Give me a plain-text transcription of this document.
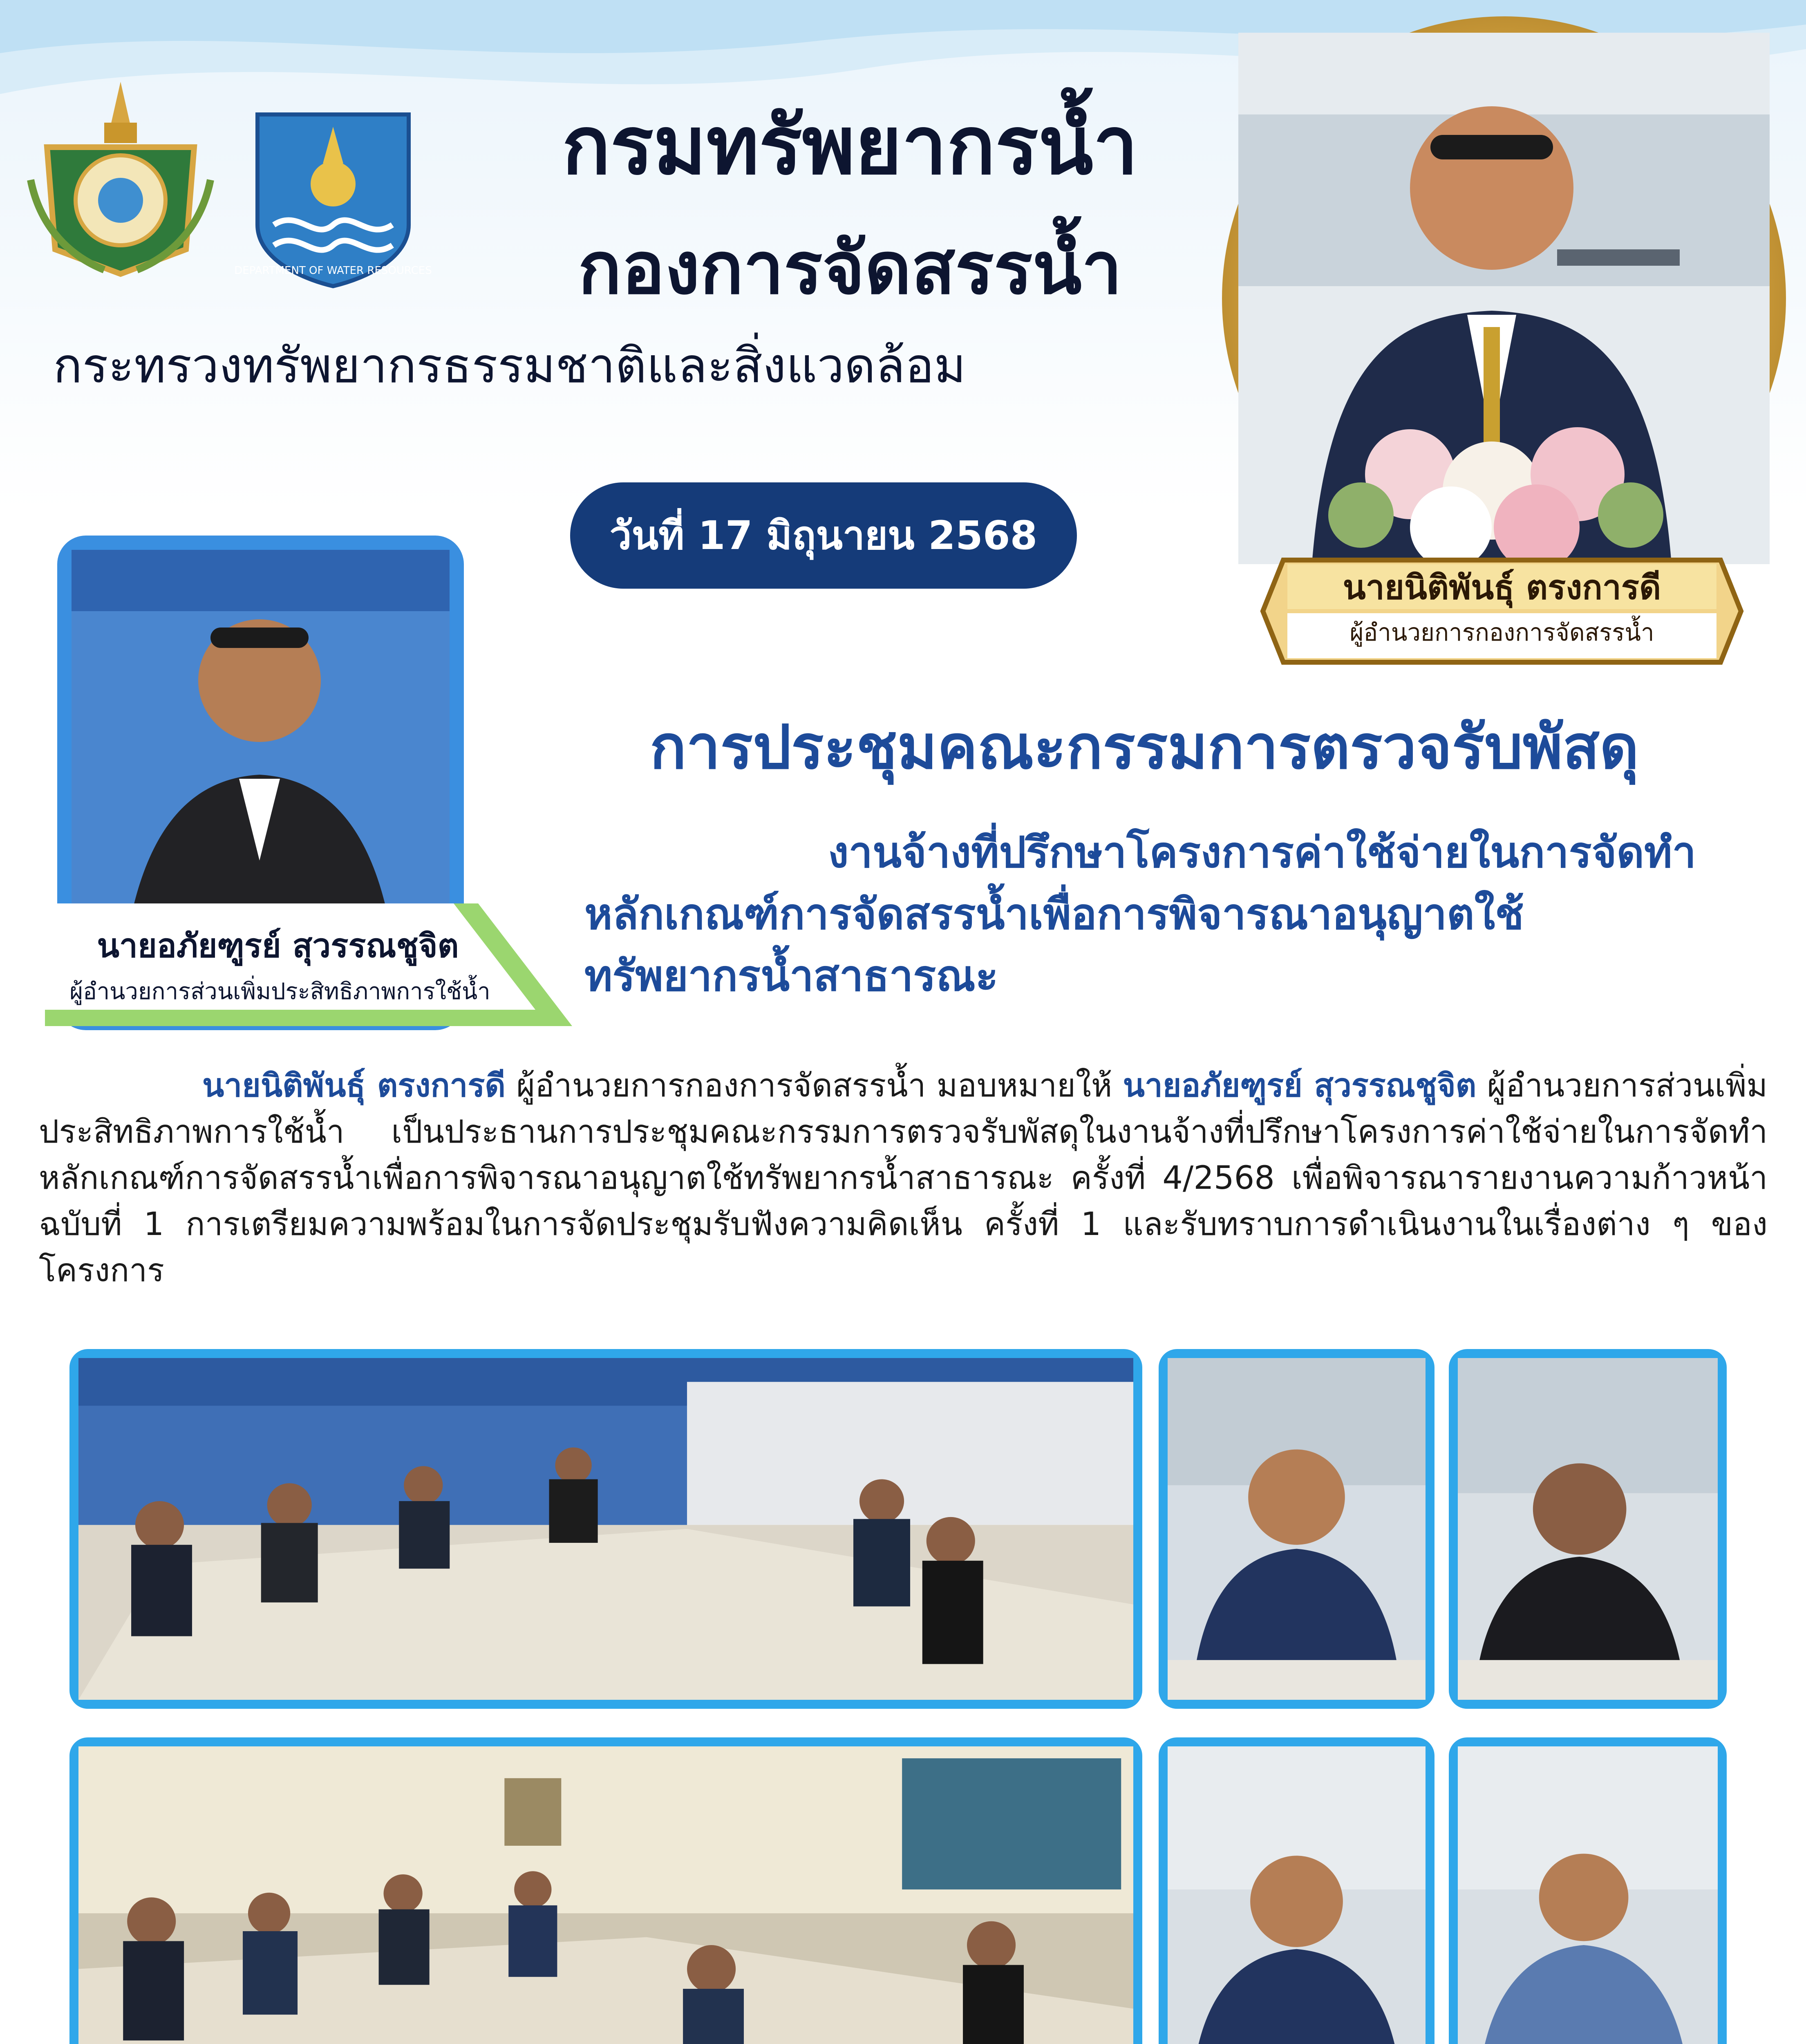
DEPARTMENT OF WATER RESOURCES
กรมทรัพยากรน้ำ
กองการจัดสรรน้ำ
กระทรวงทรัพยากรธรรมชาติและสิ่งแวดล้อม
วันที่ 17 มิถุนายน 2568
นายนิติพันธุ์ ตรงการดี
ผู้อำนวยการกองการจัดสรรน้ำ
นายอภัยฑูรย์ สุวรรณชูจิต
ผู้อำนวยการส่วนเพิ่มประสิทธิภาพการใช้น้ำ
การประชุมคณะกรรมการตรวจรับพัสดุ
งานจ้างที่ปรึกษาโครงการค่าใช้จ่ายในการจัดทำ
หลักเกณฑ์การจัดสรรน้ำเพื่อการพิจารณาอนุญาตใช้
ทรัพยากรน้ำสาธารณะ
นายนิติพันธุ์ ตรงการดี ผู้อำนวยการกองการจัดสรรน้ำ มอบหมายให้ นายอภัยฑูรย์ สุวรรณชูจิต ผู้อำนวยการส่วนเพิ่มประสิทธิภาพการใช้น้ำ เป็นประธานการประชุมคณะกรรมการตรวจรับพัสดุในงานจ้างที่ปรึกษาโครงการค่าใช้จ่ายในการจัดทำหลักเกณฑ์การจัดสรรน้ำเพื่อการพิจารณาอนุญาตใช้ทรัพยากรน้ำสาธารณะ ครั้งที่ 4/2568 เพื่อพิจารณารายงานความก้าวหน้า ฉบับที่ 1 การเตรียมความพร้อมในการจัดประชุมรับฟังความคิดเห็น ครั้งที่ 1 และรับทราบการดำเนินงานในเรื่องต่าง ๆ ของโครงการ
